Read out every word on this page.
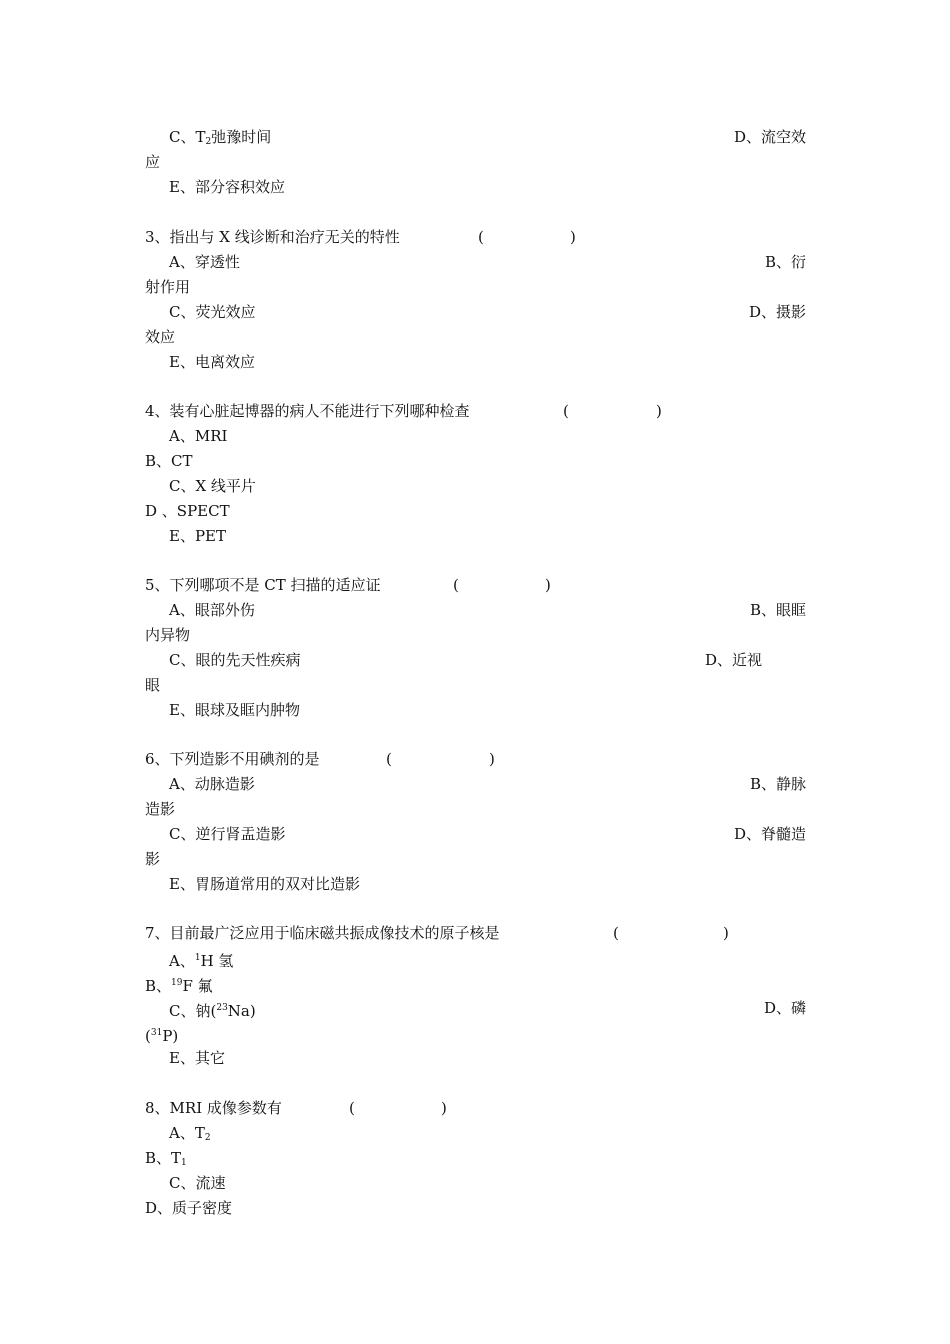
C、$T_2$弛豫时间	D、流空效
应
E、部分容积效应
3、指出与 X 线诊断和治疗无关的特性	(	)
A、穿透性	B、衍
射作用
C、荧光效应	D、摄影
效应
E、电离效应
4、装有心脏起博器的病人不能进行下列哪种检查	(	)
A、MRI
B、CT
C、X 线平片
D 、SPECT
E、PET
5、下列哪项不是 CT 扫描的适应证	(	)
A、眼部外伤	B、眼眶
内异物
C、眼的先天性疾病	D、近视
眼
E、眼球及眶内肿物
6、下列造影不用碘剂的是	(	)
A、动脉造影	B、静脉
造影
C、逆行肾盂造影	D、脊髓造
影
E、胃肠道常用的双对比造影
7、目前最广泛应用于临床磁共振成像技术的原子核是	(	)
A、$^1$H 氢
B、$^{19}$F 氟
C、钠($^{23}$Na)	D、磷
($^{31}$P)
E、其它
8、MRI 成像参数有	(	)
A、$T_2$
B、$T_1$
C、流速
D、质子密度
